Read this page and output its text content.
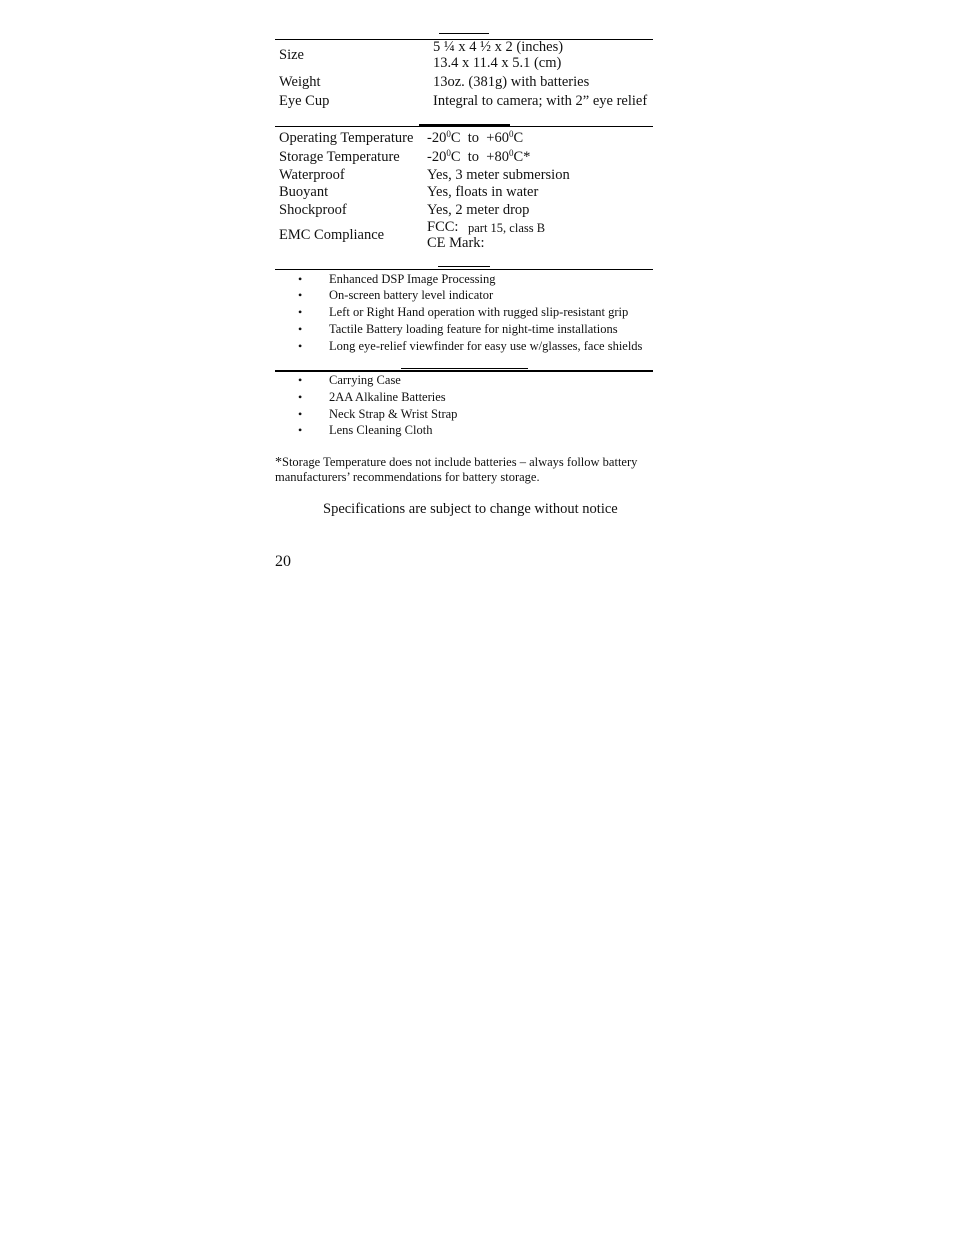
Size	5 ¼ x 4 ½ x 2 (inches)
13.4 x 11.4 x 5.1 (cm)
Weight	13oz. (381g) with batteries
Eye Cup	Integral to camera; with 2” eye relief
Operating Temperature $-20^0C$ to $+60^0C$
Storage Temperature $-20^0C$ to $+80^0C*$
Waterproof	Yes, 3 meter submersion
Buoyant	Yes, floats in water
Shockproof	Yes, 2 meter drop
EMC Compliance	FCC: part 15, class B
CE Mark:
• Enhanced DSP Image Processing
• On-screen battery level indicator
• Left or Right Hand operation with rugged slip-resistant grip
• Tactile Battery loading feature for night-time installations
• Long eye-relief viewfinder for easy use w/glasses, face shields
• Carrying Case
• 2AA Alkaline Batteries
• Neck Strap & Wrist Strap
• Lens Cleaning Cloth
*Storage Temperature does not include batteries – always follow battery
manufacturers’ recommendations for battery storage.
Specifications are subject to change without notice
20
